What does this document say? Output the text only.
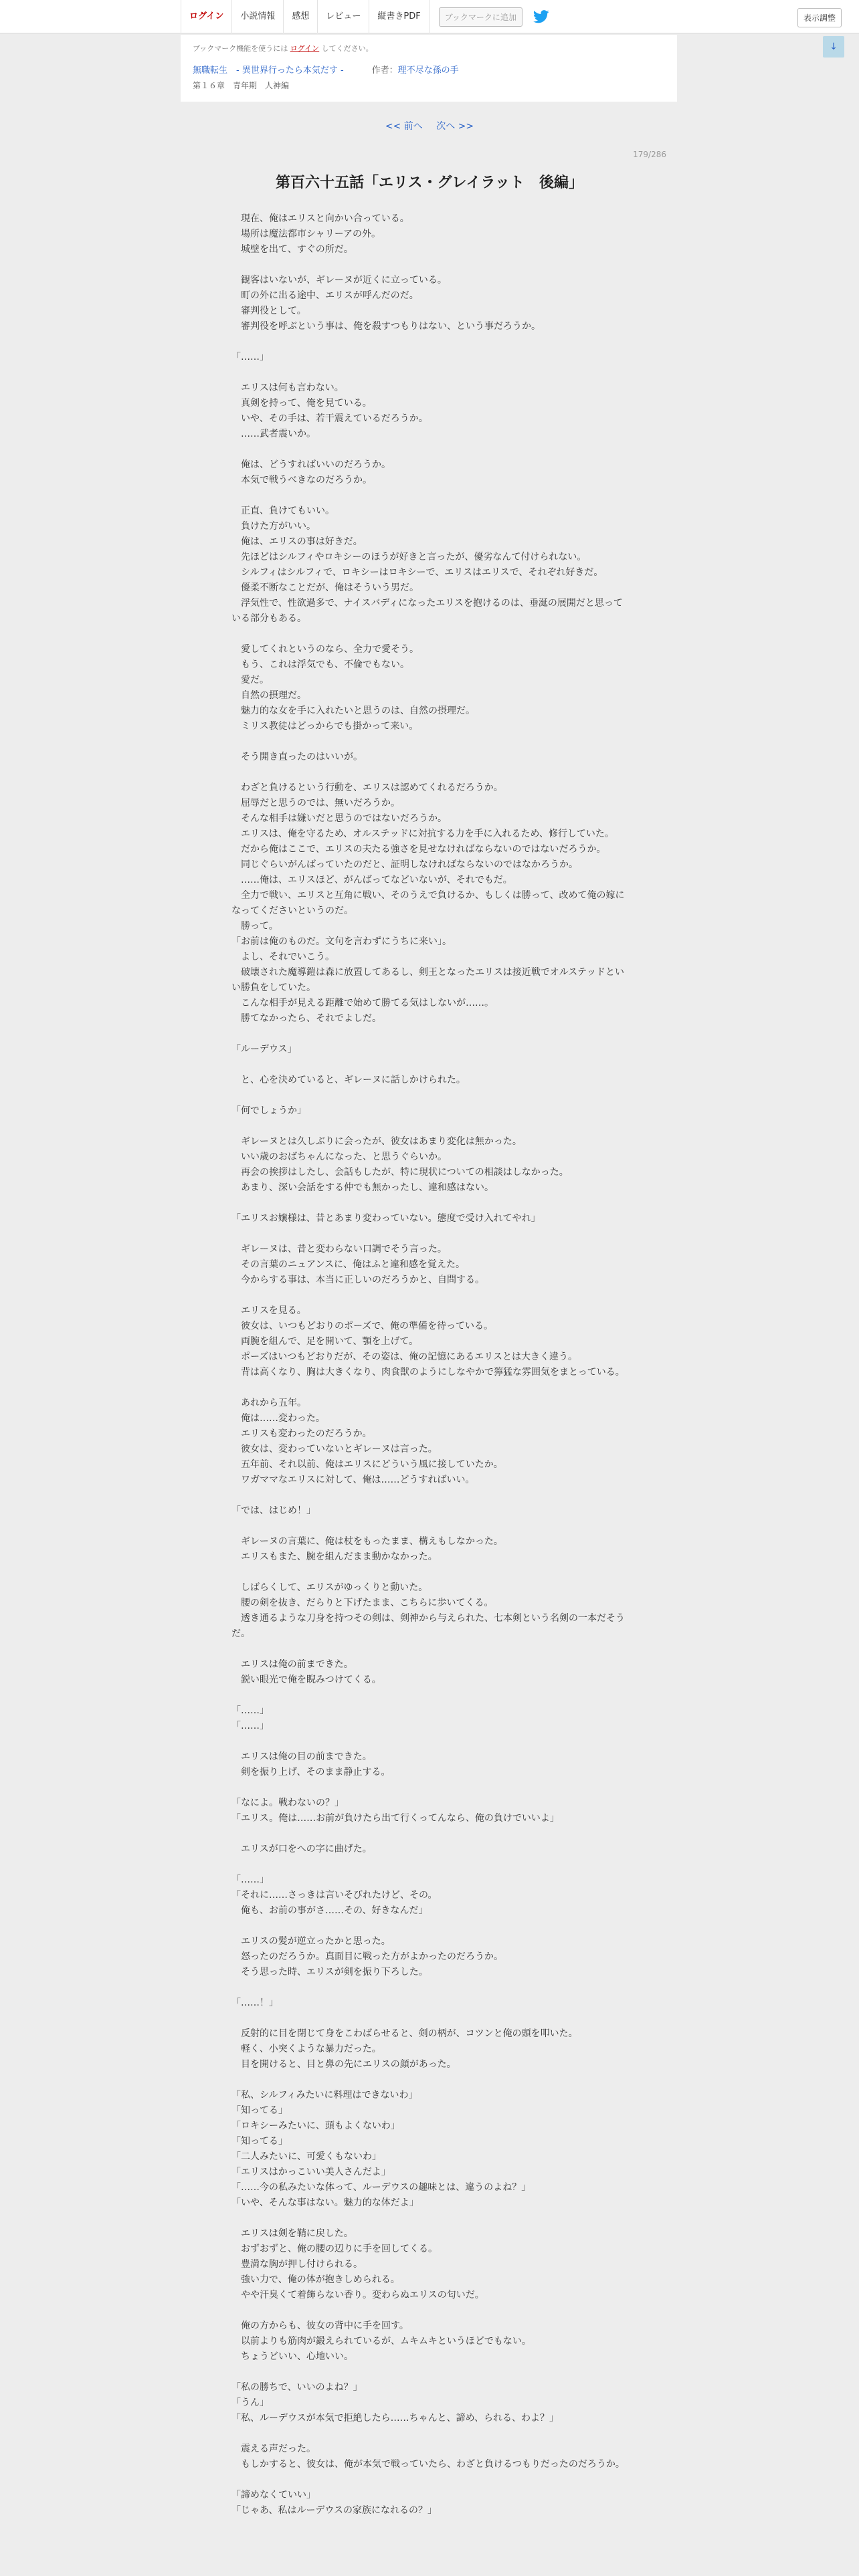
ログイン	小説情報	感想	レビュー	縦書きPDF	ブックマークに追加	表示調整
ブックマーク機能を使うには ログイン してください。
無職転生　- 異世界行ったら本気だす -	作者：理不尽な孫の手
第１６章　青年期　人神編
↓
<< 前へ 次へ >>
179/286
第百六十五話「エリス・グレイラット　後編」

　現在、俺はエリスと向かい合っている。

　場所は魔法都市シャリーアの外。

　城壁を出て、すぐの所だ。

　観客はいないが、ギレーヌが近くに立っている。

　町の外に出る途中、エリスが呼んだのだ。

　審判役として。

　審判役を呼ぶという事は、俺を殺すつもりはない、という事だろうか。

「……」

　エリスは何も言わない。

　真剣を持って、俺を見ている。

　いや、その手は、若干震えているだろうか。

　……武者震いか。

　俺は、どうすればいいのだろうか。

　本気で戦うべきなのだろうか。

　正直、負けてもいい。

　負けた方がいい。

　俺は、エリスの事は好きだ。

　先ほどはシルフィやロキシーのほうが好きと言ったが、優劣なんて付けられない。

　シルフィはシルフィで、ロキシーはロキシーで、エリスはエリスで、それぞれ好きだ。

　優柔不断なことだが、俺はそういう男だ。

　浮気性で、性欲過多で、ナイスバディになったエリスを抱けるのは、垂涎の展開だと思っている部分もある。

　愛してくれというのなら、全力で愛そう。

　もう、これは浮気でも、不倫でもない。

　愛だ。

　自然の摂理だ。

　魅力的な女を手に入れたいと思うのは、自然の摂理だ。

　ミリス教徒はどっからでも掛かって来い。

　そう開き直ったのはいいが。

　わざと負けるという行動を、エリスは認めてくれるだろうか。

　屈辱だと思うのでは、無いだろうか。

　そんな相手は嫌いだと思うのではないだろうか。

　エリスは、俺を守るため、オルステッドに対抗する力を手に入れるため、修行していた。

　だから俺はここで、エリスの夫たる強さを見せなければならないのではないだろうか。

　同じぐらいがんばっていたのだと、証明しなければならないのではなかろうか。

　……俺は、エリスほど、がんばってなどいないが、それでもだ。

　全力で戦い、エリスと互角に戦い、そのうえで負けるか、もしくは勝って、改めて俺の嫁になってくださいというのだ。

　勝って。

「お前は俺のものだ。文句を言わずにうちに来い」。

　よし、それでいこう。

　破壊された魔導鎧は森に放置してあるし、剣王となったエリスは接近戦でオルステッドといい勝負をしていた。

　こんな相手が見える距離で始めて勝てる気はしないが……。

　勝てなかったら、それでよしだ。

「ルーデウス」

　と、心を決めていると、ギレーヌに話しかけられた。

「何でしょうか」

　ギレーヌとは久しぶりに会ったが、彼女はあまり変化は無かった。

　いい歳のおばちゃんになった、と思うぐらいか。

　再会の挨拶はしたし、会話もしたが、特に現状についての相談はしなかった。

　あまり、深い会話をする仲でも無かったし、違和感はない。

「エリスお嬢様は、昔とあまり変わっていない。態度で受け入れてやれ」

　ギレーヌは、昔と変わらない口調でそう言った。

　その言葉のニュアンスに、俺はふと違和感を覚えた。

　今からする事は、本当に正しいのだろうかと、自問する。

　エリスを見る。

　彼女は、いつもどおりのポーズで、俺の準備を待っている。

　両腕を組んで、足を開いて、顎を上げて。

　ポーズはいつもどおりだが、その姿は、俺の記憶にあるエリスとは大きく違う。

　背は高くなり、胸は大きくなり、肉食獣のようにしなやかで獰猛な雰囲気をまとっている。

　あれから五年。

　俺は……変わった。

　エリスも変わったのだろうか。

　彼女は、変わっていないとギレーヌは言った。

　五年前、それ以前、俺はエリスにどういう風に接していたか。

　ワガママなエリスに対して、俺は……どうすればいい。

「では、はじめ！」

　ギレーヌの言葉に、俺は杖をもったまま、構えもしなかった。

　エリスもまた、腕を組んだまま動かなかった。

　しばらくして、エリスがゆっくりと動いた。

　腰の剣を抜き、だらりと下げたまま、こちらに歩いてくる。

　透き通るような刀身を持つその剣は、剣神から与えられた、七本剣という名剣の一本だそうだ。

　エリスは俺の前まできた。

　鋭い眼光で俺を睨みつけてくる。

「……」

「……」

　エリスは俺の目の前まできた。

　剣を振り上げ、そのまま静止する。

「なによ。戦わないの？」

「エリス。俺は……お前が負けたら出て行くってんなら、俺の負けでいいよ」

　エリスが口をへの字に曲げた。

「……」

「それに……さっきは言いそびれたけど、その。

　俺も、お前の事がさ……その、好きなんだ」

　エリスの髪が逆立ったかと思った。

　怒ったのだろうか。真面目に戦った方がよかったのだろうか。

　そう思った時、エリスが剣を振り下ろした。

「……！」

　反射的に目を閉じて身をこわばらせると、剣の柄が、コツンと俺の頭を叩いた。

　軽く、小突くような暴力だった。

　目を開けると、目と鼻の先にエリスの顔があった。

「私、シルフィみたいに料理はできないわ」

「知ってる」

「ロキシーみたいに、頭もよくないわ」

「知ってる」

「二人みたいに、可愛くもないわ」

「エリスはかっこいい美人さんだよ」

「……今の私みたいな体って、ルーデウスの趣味とは、違うのよね？」

「いや、そんな事はない。魅力的な体だよ」

　エリスは剣を鞘に戻した。

　おずおずと、俺の腰の辺りに手を回してくる。

　豊満な胸が押し付けられる。

　強い力で、俺の体が抱きしめられる。

　やや汗臭くて着飾らない香り。変わらぬエリスの匂いだ。

　俺の方からも、彼女の背中に手を回す。

　以前よりも筋肉が鍛えられているが、ムキムキというほどでもない。

　ちょうどいい、心地いい。

「私の勝ちで、いいのよね？」

「うん」

「私、ルーデウスが本気で拒絶したら……ちゃんと、諦め、られる、わよ？」

　震える声だった。

　もしかすると、彼女は、俺が本気で戦っていたら、わざと負けるつもりだったのだろうか。

「諦めなくていい」

「じゃあ、私はルーデウスの家族になれるの？」
